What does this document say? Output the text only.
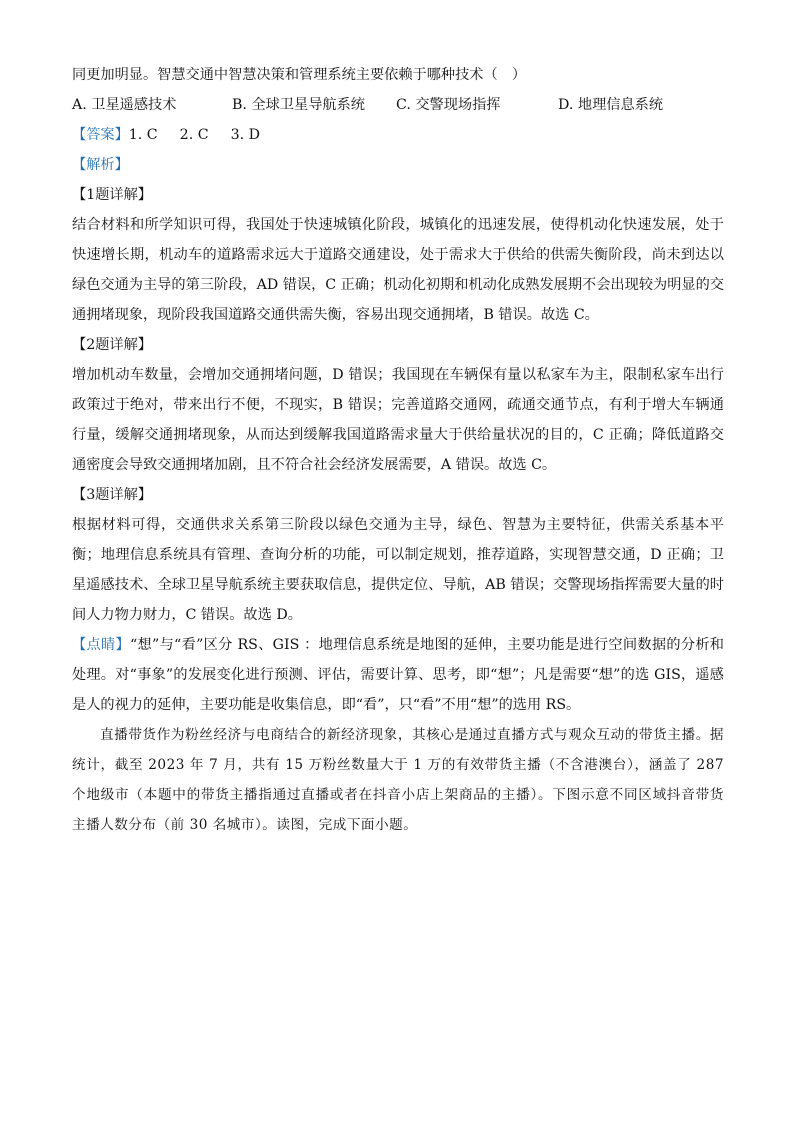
同更加明显。智慧交通中智慧决策和管理系统主要依赖于哪种技术（　）
A. 卫星遥感技术	B. 全球卫星导航系统	C. 交警现场指挥	D. 地理信息系统
【答案】1. C 2. C 3. D
【解析】
【1题详解】
结合材料和所学知识可得，我国处于快速城镇化阶段，城镇化的迅速发展，使得机动化快速发展，处于快速增长期，机动车的道路需求远大于道路交通建设，处于需求大于供给的供需失衡阶段，尚未到达以绿色交通为主导的第三阶段，AD 错误，C 正确；机动化初期和机动化成熟发展期不会出现较为明显的交通拥堵现象，现阶段我国道路交通供需失衡，容易出现交通拥堵，B 错误。故选 C。
【2题详解】
增加机动车数量，会增加交通拥堵问题，D 错误；我国现在车辆保有量以私家车为主，限制私家车出行政策过于绝对，带来出行不便，不现实，B 错误；完善道路交通网，疏通交通节点，有利于增大车辆通行量，缓解交通拥堵现象，从而达到缓解我国道路需求量大于供给量状况的目的，C 正确；降低道路交通密度会导致交通拥堵加剧，且不符合社会经济发展需要，A 错误。故选 C。
【3题详解】
根据材料可得，交通供求关系第三阶段以绿色交通为主导，绿色、智慧为主要特征，供需关系基本平衡；地理信息系统具有管理、查询分析的功能，可以制定规划，推荐道路，实现智慧交通，D 正确；卫星遥感技术、全球卫星导航系统主要获取信息，提供定位、导航，AB 错误；交警现场指挥需要大量的时间人力物力财力，C 错误。故选 D。
【点睛】“想”与“看”区分 RS、GIS ：地理信息系统是地图的延伸，主要功能是进行空间数据的分析和处理。对“事象”的发展变化进行预测、评估，需要计算、思考，即“想”；凡是需要“想”的选 GIS，遥感是人的视力的延伸，主要功能是收集信息，即“看”，只“看”不用“想”的选用 RS。
直播带货作为粉丝经济与电商结合的新经济现象，其核心是通过直播方式与观众互动的带货主播。据统计，截至 2023 年 7 月，共有 15 万粉丝数量大于 1 万的有效带货主播（不含港澳台），涵盖了 287 个地级市（本题中的带货主播指通过直播或者在抖音小店上架商品的主播）。下图示意不同区域抖音带货主播人数分布（前 30 名城市）。读图，完成下面小题。
